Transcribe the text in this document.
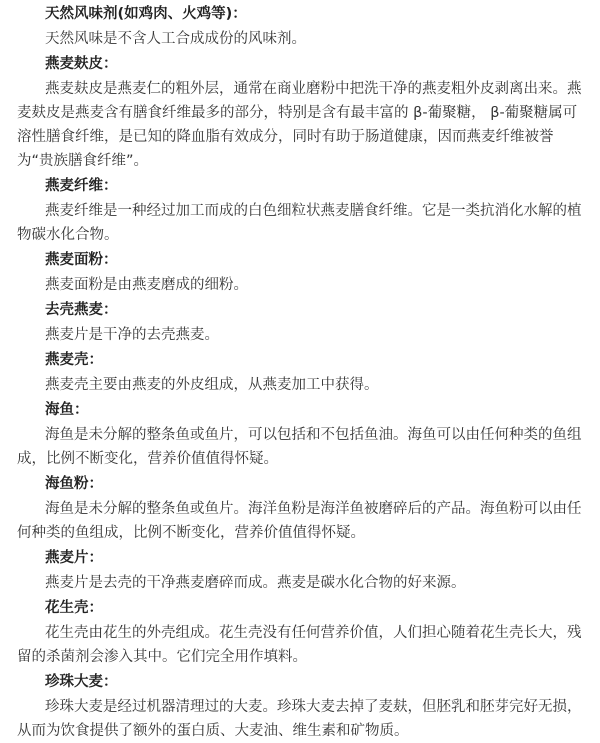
天然风味剂(如鸡肉、火鸡等)：

天然风味是不含人工合成成份的风味剂。

燕麦麸皮：

燕麦麸皮是燕麦仁的粗外层，通常在商业磨粉中把洗干净的燕麦粗外皮剥离出来。燕麦麸皮是燕麦含有膳食纤维最多的部分，特别是含有最丰富的 β-葡聚糖， β-葡聚糖属可溶性膳食纤维，是已知的降血脂有效成分，同时有助于肠道健康，因而燕麦纤维被誉为“贵族膳食纤维”。

燕麦纤维：

燕麦纤维是一种经过加工而成的白色细粒状燕麦膳食纤维。它是一类抗消化水解的植物碳水化合物。

燕麦面粉：

燕麦面粉是由燕麦磨成的细粉。

去壳燕麦：

燕麦片是干净的去壳燕麦。

燕麦壳：

燕麦壳主要由燕麦的外皮组成，从燕麦加工中获得。

海鱼：

海鱼是未分解的整条鱼或鱼片，可以包括和不包括鱼油。海鱼可以由任何种类的鱼组成，比例不断变化，营养价值值得怀疑。

海鱼粉：

海鱼是未分解的整条鱼或鱼片。海洋鱼粉是海洋鱼被磨碎后的产品。海鱼粉可以由任何种类的鱼组成，比例不断变化，营养价值值得怀疑。

燕麦片：

燕麦片是去壳的干净燕麦磨碎而成。燕麦是碳水化合物的好来源。

花生壳：

花生壳由花生的外壳组成。花生壳没有任何营养价值，人们担心随着花生壳长大，残留的杀菌剂会渗入其中。它们完全用作填料。

珍珠大麦：

珍珠大麦是经过机器清理过的大麦。珍珠大麦去掉了麦麸，但胚乳和胚芽完好无损，从而为饮食提供了额外的蛋白质、大麦油、维生素和矿物质。
